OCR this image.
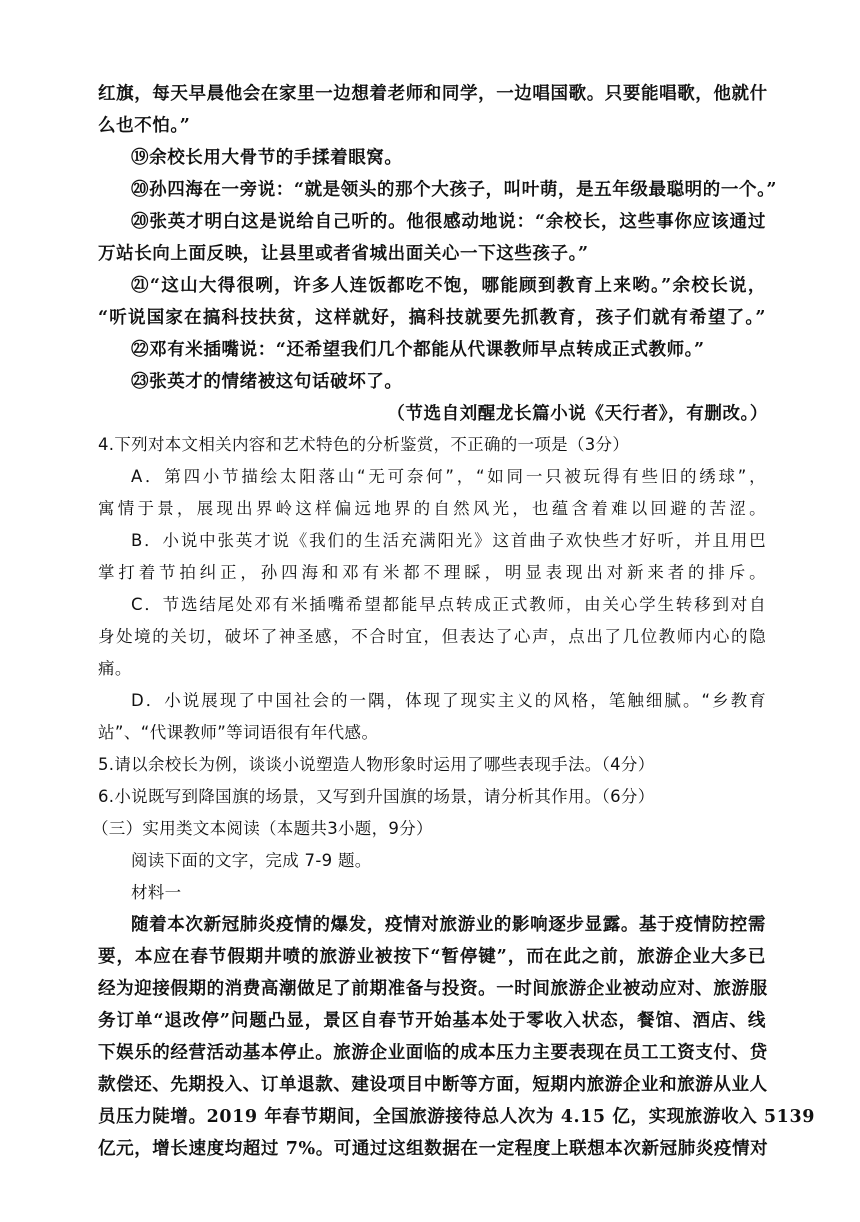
红旗，每天早晨他会在家里一边想着老师和同学，一边唱国歌。只要能唱歌，他就什
么也不怕。”
⑲余校长用大骨节的手揉着眼窝。
⑳孙四海在一旁说：“就是领头的那个大孩子，叫叶萌，是五年级最聪明的一个。”
⑳张英才明白这是说给自己听的。他很感动地说：“余校长，这些事你应该通过
万站长向上面反映，让县里或者省城出面关心一下这些孩子。”
㉑“这山大得很咧，许多人连饭都吃不饱，哪能顾到教育上来哟。”余校长说，
“听说国家在搞科技扶贫，这样就好，搞科技就要先抓教育，孩子们就有希望了。”
㉒邓有米插嘴说：“还希望我们几个都能从代课教师早点转成正式教师。”
㉓张英才的情绪被这句话破坏了。
（节选自刘醒龙长篇小说《天行者》，有删改。）
4.下列对本文相关内容和艺术特色的分析鉴赏，不正确的一项是（3分）
A．第四小节描绘太阳落山“无可奈何”，“如同一只被玩得有些旧的绣球”，
寓情于景，展现出界岭这样偏远地界的自然风光，也蕴含着难以回避的苦涩。
B．小说中张英才说《我们的生活充满阳光》这首曲子欢快些才好听，并且用巴
掌打着节拍纠正，孙四海和邓有米都不理睬，明显表现出对新来者的排斥。
C．节选结尾处邓有米插嘴希望都能早点转成正式教师，由关心学生转移到对自
身处境的关切，破坏了神圣感，不合时宜，但表达了心声，点出了几位教师内心的隐
痛。
D．小说展现了中国社会的一隅，体现了现实主义的风格，笔触细腻。“乡教育
站”、“代课教师”等词语很有年代感。
5.请以余校长为例，谈谈小说塑造人物形象时运用了哪些表现手法。（4分）
6.小说既写到降国旗的场景，又写到升国旗的场景，请分析其作用。（6分）
（三）实用类文本阅读（本题共3小题，9分）
阅读下面的文字，完成 7-9 题。
材料一
随着本次新冠肺炎疫情的爆发，疫情对旅游业的影响逐步显露。基于疫情防控需
要，本应在春节假期井喷的旅游业被按下“暂停键”，而在此之前，旅游企业大多已
经为迎接假期的消费高潮做足了前期准备与投资。一时间旅游企业被动应对、旅游服
务订单“退改停”问题凸显，景区自春节开始基本处于零收入状态，餐馆、酒店、线
下娱乐的经营活动基本停止。旅游企业面临的成本压力主要表现在员工工资支付、贷
款偿还、先期投入、订单退款、建设项目中断等方面，短期内旅游企业和旅游从业人
员压力陡增。2019 年春节期间，全国旅游接待总人次为 4.15 亿，实现旅游收入 5139
亿元，增长速度均超过 7%。可通过这组数据在一定程度上联想本次新冠肺炎疫情对
